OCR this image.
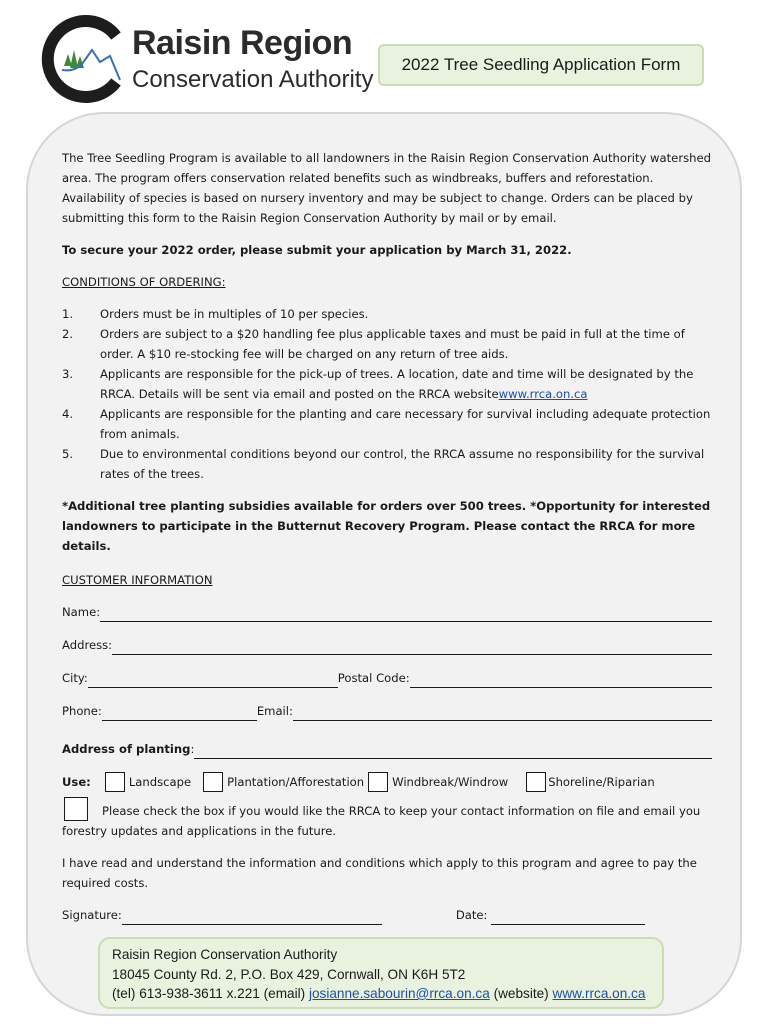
Raisin Region
Conservation Authority
2022 Tree Seedling Application Form

The Tree Seedling Program is available to all landowners in the Raisin Region Conservation Authority watershed area. The program offers conservation related benefits such as windbreaks, buffers and reforestation. Availability of species is based on nursery inventory and may be subject to change. Orders can be placed by submitting this form to the Raisin Region Conservation Authority by mail or by email.

To secure your 2022 order, please submit your application by March 31, 2022.

CONDITIONS OF ORDERING:

1. Orders must be in multiples of 10 per species.
2. Orders are subject to a $20 handling fee plus applicable taxes and must be paid in full at the time of order. A $10 re-stocking fee will be charged on any return of tree aids.
3. Applicants are responsible for the pick-up of trees. A location, date and time will be designated by the RRCA. Details will be sent via email and posted on the RRCA websitewww.rrca.on.ca
4. Applicants are responsible for the planting and care necessary for survival including adequate protection from animals.
5. Due to environmental conditions beyond our control, the RRCA assume no responsibility for the survival rates of the trees.

*Additional tree planting subsidies available for orders over 500 trees. *Opportunity for interested landowners to participate in the Butternut Recovery Program. Please contact the RRCA for more details.

CUSTOMER INFORMATION

Name:
Address:
City:	Postal Code:
Phone:	Email:
Address of planting :
Use:	Landscape	Plantation/Afforestation Windbreak/Windrow	Shoreline/Riparian

Please check the box if you would like the RRCA to keep your contact information on file and email you forestry updates and applications in the future.

I have read and understand the information and conditions which apply to this program and agree to pay the required costs.

Signature:	Date:
Raisin Region Conservation Authority
18045 County Rd. 2, P.O. Box 429, Cornwall, ON K6H 5T2
(tel) 613-938-3611 x.221 (email) josianne.sabourin@rrca.on.ca (website) www.rrca.on.ca
